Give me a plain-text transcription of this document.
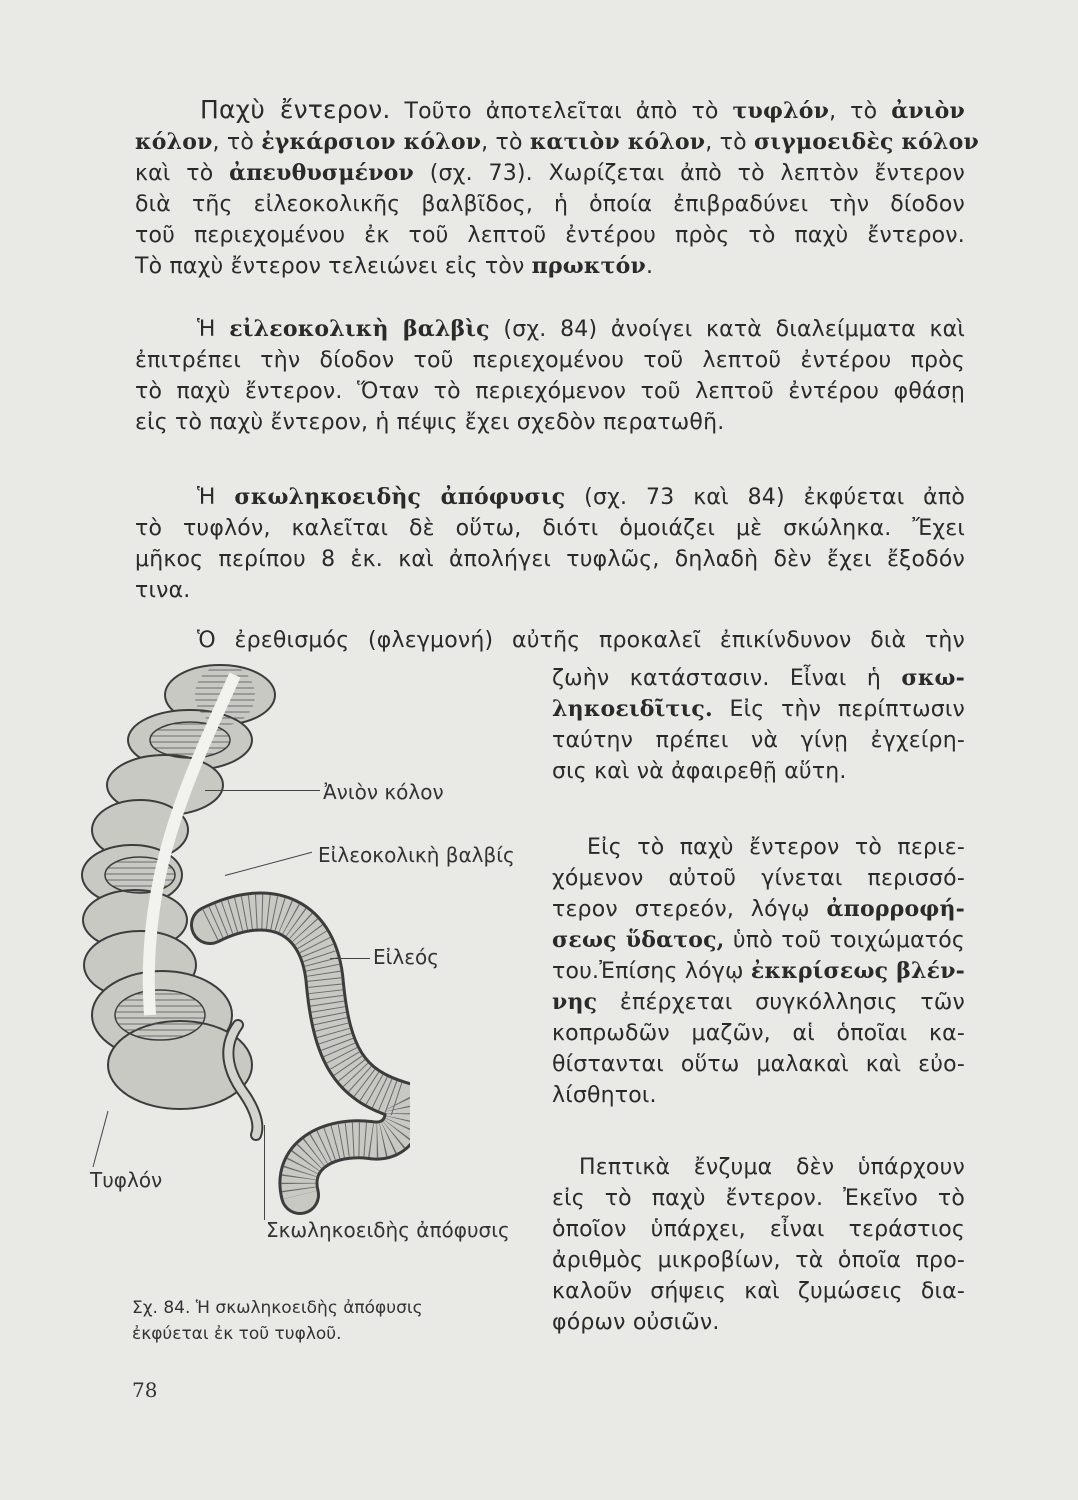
Παχὺ ἔντερον. Τοῦτο ἀποτελεῖται ἀπὸ τὸ τυφλόν, τὸ ἀνιὸν
κόλον, τὸ ἐγκάρσιον κόλον, τὸ κατιὸν κόλον, τὸ σιγμοειδὲς κόλον
καὶ τὸ ἀπευθυσμένον (σχ. 73). Χωρίζεται ἀπὸ τὸ λεπτὸν ἔντερον
διὰ τῆς εἰλεοκολικῆς βαλβῖδος, ἡ ὁποία ἐπιβραδύνει τὴν δίοδον
τοῦ περιεχομένου ἐκ τοῦ λεπτοῦ ἐντέρου πρὸς τὸ παχὺ ἔντερον.
Τὸ παχὺ ἔντερον τελειώνει εἰς τὸν πρωκτόν.
Ἡ εἰλεοκολικὴ βαλβὶς (σχ. 84) ἀνοίγει κατὰ διαλείμματα καὶ
ἐπιτρέπει τὴν δίοδον τοῦ περιεχομένου τοῦ λεπτοῦ ἐντέρου πρὸς
τὸ παχὺ ἔντερον. Ὅταν τὸ περιεχόμενον τοῦ λεπτοῦ ἐντέρου φθάσῃ
εἰς τὸ παχὺ ἔντερον, ἡ πέψις ἔχει σχεδὸν περατωθῆ.
Ἡ σκωληκοειδὴς ἀπόφυσις (σχ. 73 καὶ 84) ἐκφύεται ἀπὸ
τὸ τυφλόν, καλεῖται δὲ οὕτω, διότι ὁμοιάζει μὲ σκώληκα. Ἔχει
μῆκος περίπου 8 ἑκ. καὶ ἀπολήγει τυφλῶς, δηλαδὴ δὲν ἔχει ἔξοδόν
τινα.
Ὁ ἐρεθισμός (φλεγμονή) αὐτῆς προκαλεῖ ἐπικίνδυνον διὰ τὴν
ζωὴν κατάστασιν. Εἶναι ἡ σκω-
ληκοειδῖτις. Εἰς τὴν περίπτωσιν
ταύτην πρέπει νὰ γίνῃ ἐγχείρη-
σις καὶ νὰ ἀφαιρεθῇ αὕτη.
Εἰς τὸ παχὺ ἔντερον τὸ περιε-
χόμενον αὐτοῦ γίνεται περισσό-
τερον στερεόν, λόγῳ ἀπορροφή-
σεως ὕδατος, ὑπὸ τοῦ τοιχώματός
του.Ἐπίσης λόγῳ ἐκκρίσεως βλέν-
νης ἐπέρχεται συγκόλλησις τῶν
κοπρωδῶν μαζῶν, αἱ ὁποῖαι κα-
θίστανται οὕτω μαλακαὶ καὶ εὐο-
λίσθητοι.
Πεπτικὰ ἔνζυμα δὲν ὑπάρχουν
εἰς τὸ παχὺ ἔντερον. Ἐκεῖνο τὸ
ὁποῖον ὑπάρχει, εἶναι τεράστιος
ἀριθμὸς μικροβίων, τὰ ὁποῖα προ-
καλοῦν σήψεις καὶ ζυμώσεις δια-
φόρων οὐσιῶν.
Ἀνιὸν κόλον
Εἰλεοκολικὴ βαλβίς
Εἰλεός
Τυφλόν
Σκωληκοειδὴς ἀπόφυσις
Σχ. 84. Ἡ σκωληκοειδὴς ἀπόφυσις
ἐκφύεται ἐκ τοῦ τυφλοῦ.
78
